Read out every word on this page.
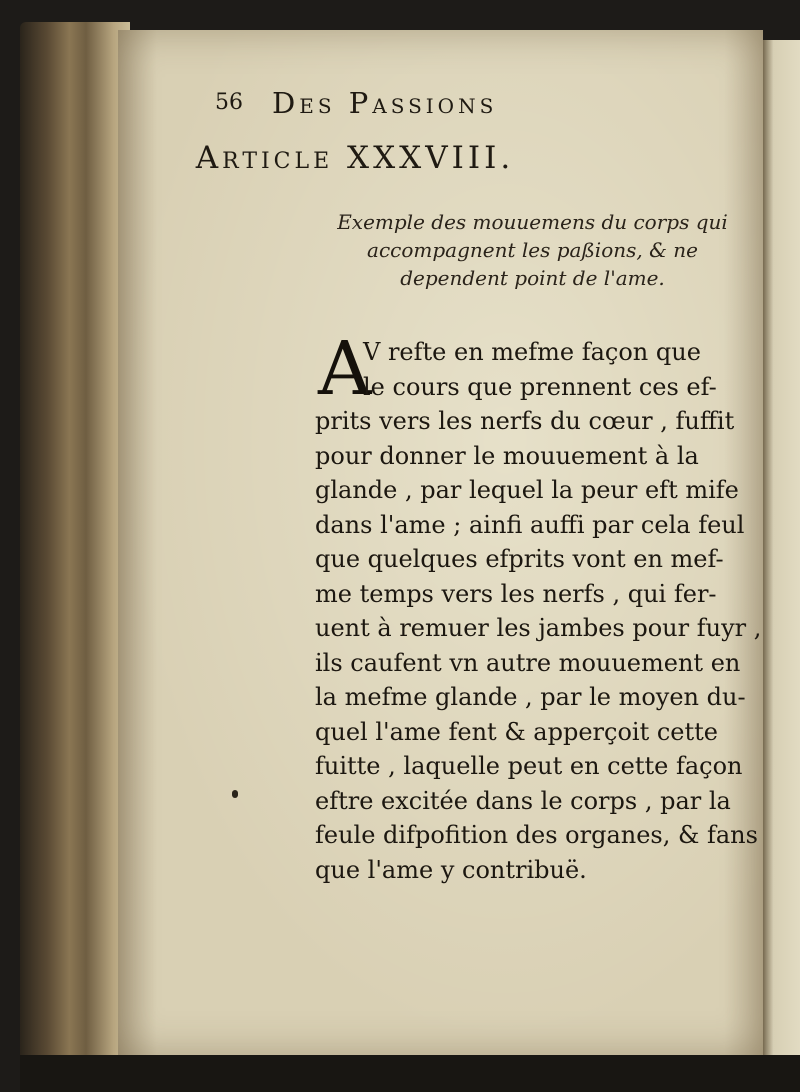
56 Des Passions
Article XXXVIII.
Exemple des mouuemens du corps qui
accompagnent les paßions, & ne
dependent point de l'ame.
A
V refte en mefme façon que
le cours que prennent ces ef-
prits vers les nerfs du cœur , fuffit
pour donner le mouuement à la
glande , par lequel la peur eft mife
dans l'ame ; ainfi auffi par cela feul
que quelques efprits vont en mef-
me temps vers les nerfs , qui fer-
uent à remuer les jambes pour fuyr ,
ils caufent vn autre mouuement en
la mefme glande , par le moyen du-
quel l'ame fent & apperçoit cette
fuitte , laquelle peut en cette façon
eftre excitée dans le corps , par la
feule difpofition des organes, & fans
que l'ame y contribuë.
